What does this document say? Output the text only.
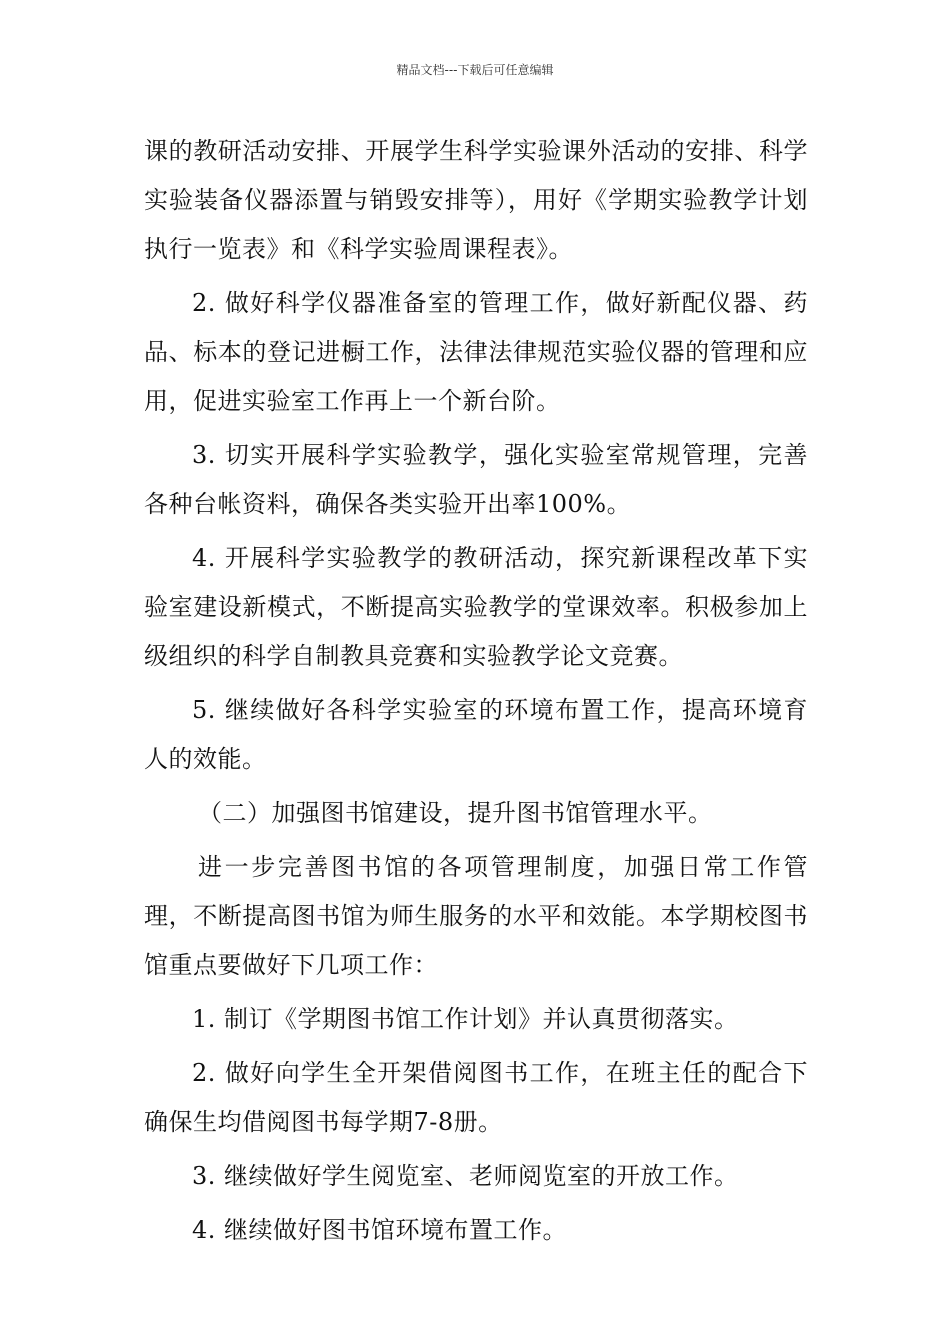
精品文档---下载后可任意编辑

课的教研活动安排、开展学生科学实验课外活动的安排、科学实验装备仪器添置与销毁安排等），用好《学期实验教学计划执行一览表》和《科学实验周课程表》。

2. 做好科学仪器准备室的管理工作，做好新配仪器、药品、标本的登记进橱工作，法律法律规范实验仪器的管理和应用，促进实验室工作再上一个新台阶。

3. 切实开展科学实验教学，强化实验室常规管理，完善各种台帐资料，确保各类实验开出率100%。

4. 开展科学实验教学的教研活动，探究新课程改革下实验室建设新模式，不断提高实验教学的堂课效率。积极参加上级组织的科学自制教具竞赛和实验教学论文竞赛。

5. 继续做好各科学实验室的环境布置工作，提高环境育人的效能。

（二）加强图书馆建设，提升图书馆管理水平。

进一步完善图书馆的各项管理制度，加强日常工作管理，不断提高图书馆为师生服务的水平和效能。本学期校图书馆重点要做好下几项工作：

1. 制订《学期图书馆工作计划》并认真贯彻落实。

2. 做好向学生全开架借阅图书工作，在班主任的配合下确保生均借阅图书每学期7-8册。

3. 继续做好学生阅览室、老师阅览室的开放工作。

4. 继续做好图书馆环境布置工作。
